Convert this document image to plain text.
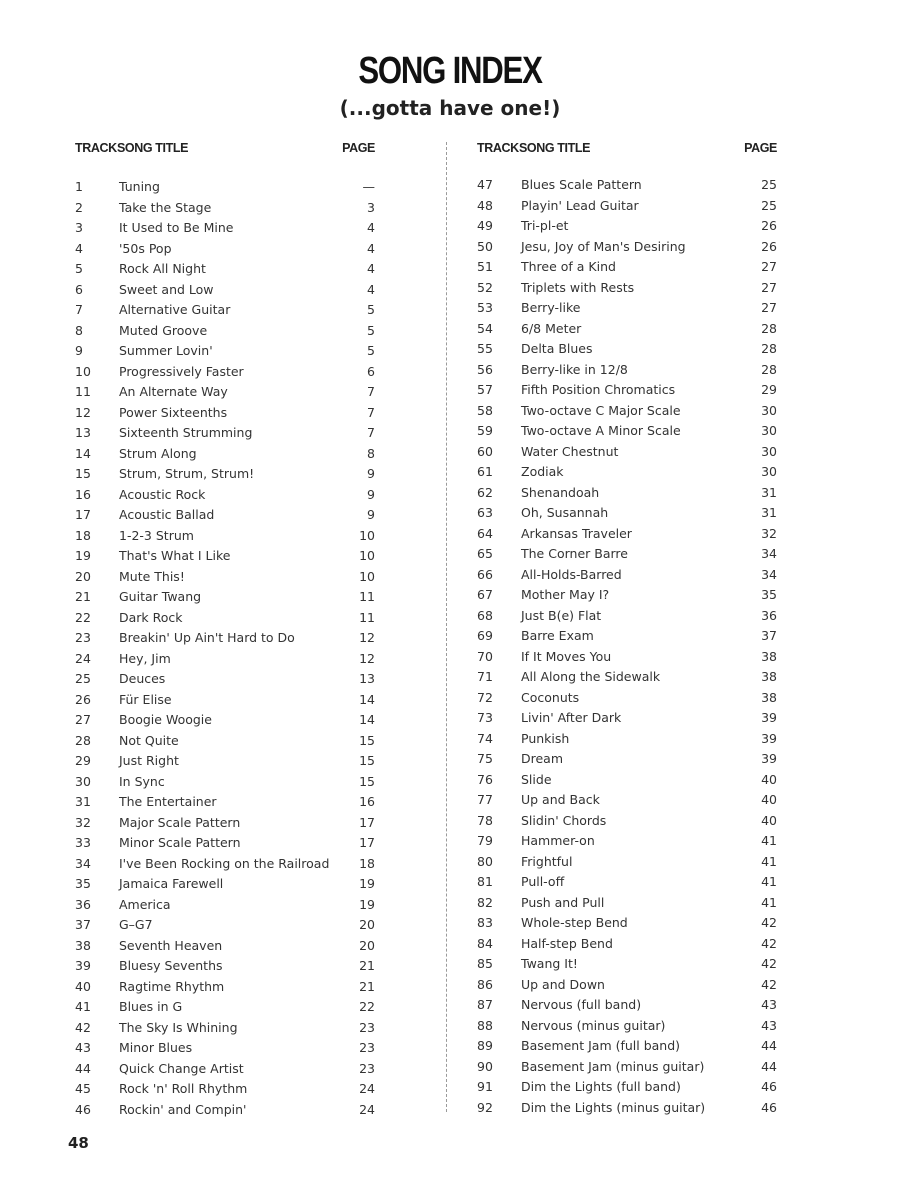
SONG INDEX
(...gotta have one!)
TRACK SONG TITLE	PAGE
1	Tuning	—
2	Take the Stage	3
3	It Used to Be Mine	4
4	'50s Pop	4
5	Rock All Night	4
6	Sweet and Low	4
7	Alternative Guitar	5
8	Muted Groove	5
9	Summer Lovin'	5
10 Progressively Faster	6
11 An Alternate Way	7
12 Power Sixteenths	7
13 Sixteenth Strumming	7
14 Strum Along	8
15 Strum, Strum, Strum!	9
16 Acoustic Rock	9
17 Acoustic Ballad	9
18 1-2-3 Strum	10
19 That's What I Like	10
20 Mute This!	10
21 Guitar Twang	11
22 Dark Rock	11
23 Breakin' Up Ain't Hard to Do	12
24 Hey, Jim	12
25 Deuces	13
26 Für Elise	14
27 Boogie Woogie	14
28 Not Quite	15
29 Just Right	15
30 In Sync	15
31 The Entertainer	16
32 Major Scale Pattern	17
33 Minor Scale Pattern	17
34 I've Been Rocking on the Railroad 18
35 Jamaica Farewell	19
36 America	19
37 G–G7	20
38 Seventh Heaven	20
39 Bluesy Sevenths	21
40 Ragtime Rhythm	21
41 Blues in G	22
42 The Sky Is Whining	23
43 Minor Blues	23
44 Quick Change Artist	23
45 Rock 'n' Roll Rhythm	24
46 Rockin' and Compin'	24
TRACK SONG TITLE	PAGE
47 Blues Scale Pattern	25
48 Playin' Lead Guitar	25
49 Tri-pl-et	26
50 Jesu, Joy of Man's Desiring	26
51 Three of a Kind	27
52 Triplets with Rests	27
53 Berry-like	27
54 6/8 Meter	28
55 Delta Blues	28
56 Berry-like in 12/8	28
57 Fifth Position Chromatics	29
58 Two-octave C Major Scale	30
59 Two-octave A Minor Scale	30
60 Water Chestnut	30
61 Zodiak	30
62 Shenandoah	31
63 Oh, Susannah	31
64 Arkansas Traveler	32
65 The Corner Barre	34
66 All-Holds-Barred	34
67 Mother May I?	35
68 Just B(e) Flat	36
69 Barre Exam	37
70 If It Moves You	38
71 All Along the Sidewalk	38
72 Coconuts	38
73 Livin' After Dark	39
74 Punkish	39
75 Dream	39
76 Slide	40
77 Up and Back	40
78 Slidin' Chords	40
79 Hammer-on	41
80 Frightful	41
81 Pull-off	41
82 Push and Pull	41
83 Whole-step Bend	42
84 Half-step Bend	42
85 Twang It!	42
86 Up and Down	42
87 Nervous (full band)	43
88 Nervous (minus guitar)	43
89 Basement Jam (full band)	44
90 Basement Jam (minus guitar)	44
91 Dim the Lights (full band)	46
92 Dim the Lights (minus guitar)	46
48
